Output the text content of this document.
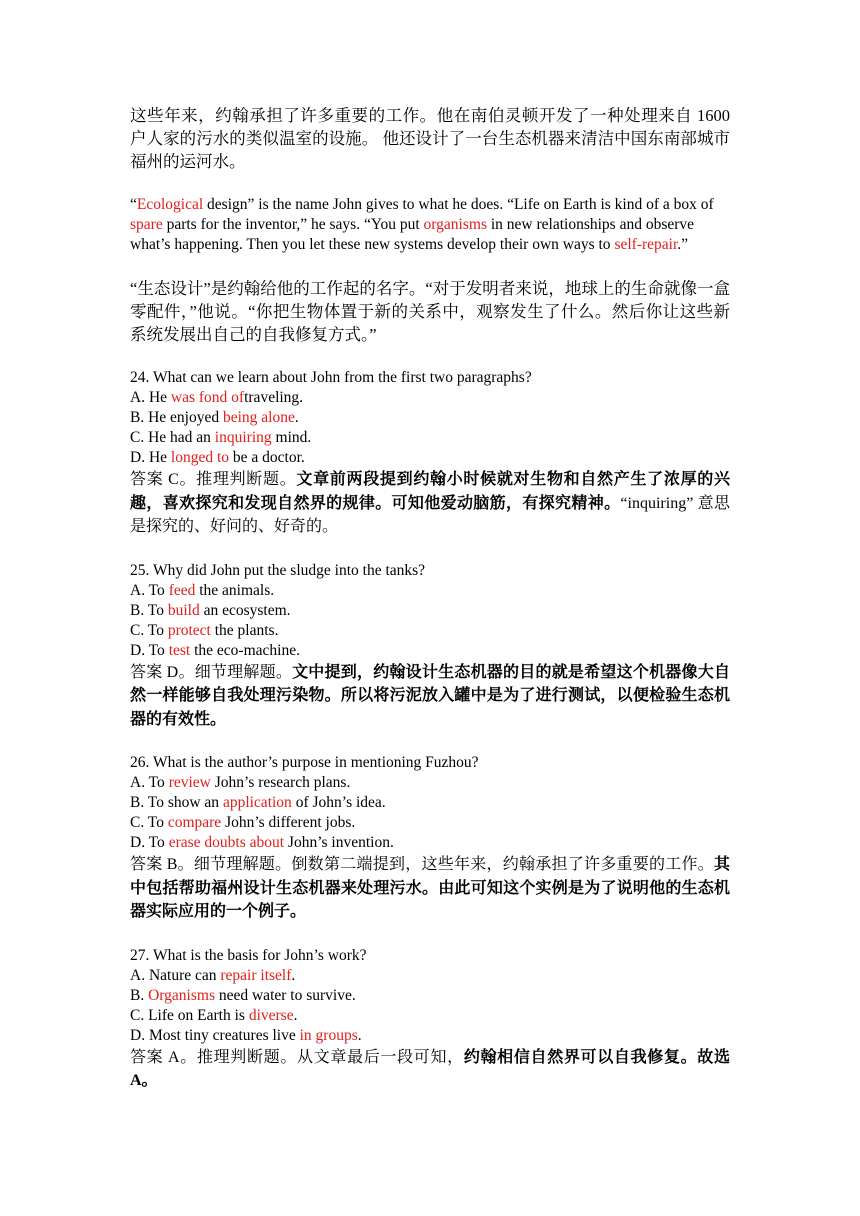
这些年来，约翰承担了许多重要的工作。他在南伯灵顿开发了一种处理来自 1600 户人家的污水的类似温室的设施。 他还设计了一台生态机器来清洁中国东南部城市福州的运河水。

“Ecological design” is the name John gives to what he does. “Life on Earth is kind of a box of spare parts for the inventor,” he says. “You put organisms in new relationships and observe what’s happening. Then you let these new systems develop their own ways to self-repair.”

“生态设计”是约翰给他的工作起的名字。“对于发明者来说，地球上的生命就像一盒零配件，”他说。“你把生物体置于新的关系中，观察发生了什么。然后你让这些新系统发展出自己的自我修复方式。”

24. What can we learn about John from the first two paragraphs?

A. He was fond oftraveling.

B. He enjoyed being alone.

C. He had an inquiring mind.

D. He longed to be a doctor.

答案 C。推理判断题。文章前两段提到约翰小时候就对生物和自然产生了浓厚的兴趣，喜欢探究和发现自然界的规律。可知他爱动脑筋，有探究精神。“inquiring” 意思是探究的、好问的、好奇的。

25. Why did John put the sludge into the tanks?

A. To feed the animals.

B. To build an ecosystem.

C. To protect the plants.

D. To test the eco-machine.

答案 D。细节理解题。文中提到，约翰设计生态机器的目的就是希望这个机器像大自然一样能够自我处理污染物。所以将污泥放入罐中是为了进行测试，以便检验生态机器的有效性。

26. What is the author’s purpose in mentioning Fuzhou?

A. To review John’s research plans.

B. To show an application of John’s idea.

C. To compare John’s different jobs.

D. To erase doubts about John’s invention.

答案 B。细节理解题。倒数第二端提到，这些年来，约翰承担了许多重要的工作。其中包括帮助福州设计生态机器来处理污水。由此可知这个实例是为了说明他的生态机器实际应用的一个例子。

27. What is the basis for John’s work?

A. Nature can repair itself.

B. Organisms need water to survive.

C. Life on Earth is diverse.

D. Most tiny creatures live in groups.

答案 A。推理判断题。从文章最后一段可知，约翰相信自然界可以自我修复。故选 A。
